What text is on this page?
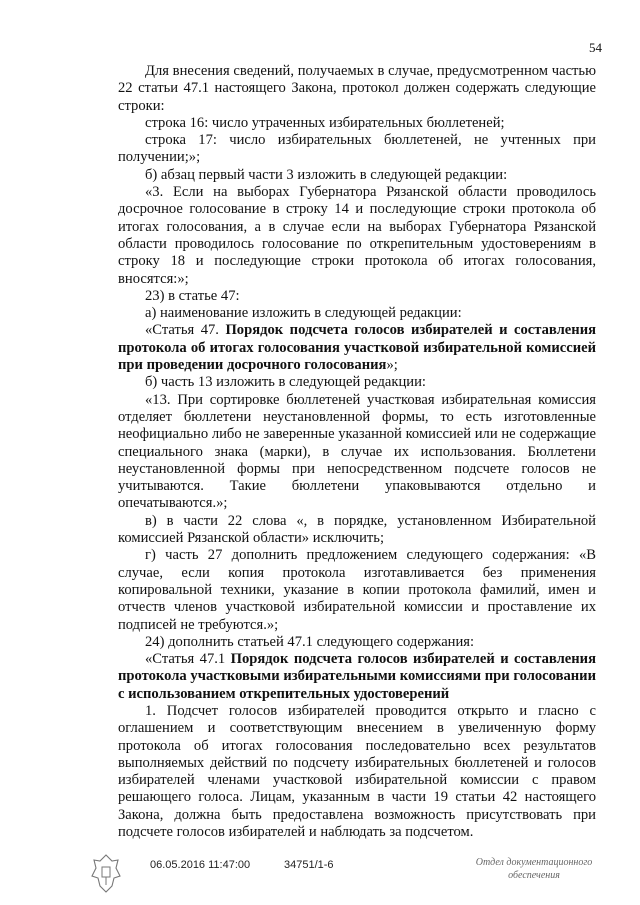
54

Для внесения сведений, получаемых в случае, предусмотренном частью 22 статьи 47.1 настоящего Закона, протокол должен содержать следующие строки:

строка 16: число утраченных избирательных бюллетеней;

строка 17: число избирательных бюллетеней, не учтенных при получении;»;

б) абзац первый части 3 изложить в следующей редакции:

«3. Если на выборах Губернатора Рязанской области проводилось досрочное голосование в строку 14 и последующие строки протокола об итогах голосования, а в случае если на выборах Губернатора Рязанской области проводилось голосование по открепительным удостоверениям в строку 18 и последующие строки протокола об итогах голосования, вносятся:»;

23) в статье 47:

а) наименование изложить в следующей редакции:

«Статья 47. Порядок подсчета голосов избирателей и составления протокола об итогах голосования участковой избирательной комиссией при проведении досрочного голосования»;

б) часть 13 изложить в следующей редакции:

«13. При сортировке бюллетеней участковая избирательная комиссия отделяет бюллетени неустановленной формы, то есть изготовленные неофициально либо не заверенные указанной комиссией или не содержащие специального знака (марки), в случае их использования. Бюллетени неустановленной формы при непосредственном подсчете голосов не учитываются. Такие бюллетени упаковываются отдельно и опечатываются.»;

в) в части 22 слова «, в порядке, установленном Избирательной комиссией Рязанской области» исключить;

г) часть 27 дополнить предложением следующего содержания: «В случае, если копия протокола изготавливается без применения копировальной техники, указание в копии протокола фамилий, имен и отчеств членов участковой избирательной комиссии и проставление их подписей не требуются.»;

24) дополнить статьей 47.1 следующего содержания:

«Статья 47.1 Порядок подсчета голосов избирателей и составления протокола участковыми избирательными комиссиями при голосовании с использованием открепительных удостоверений

1. Подсчет голосов избирателей проводится открыто и гласно с оглашением и соответствующим внесением в увеличенную форму протокола об итогах голосования последовательно всех результатов выполняемых действий по подсчету избирательных бюллетеней и голосов избирателей членами участковой избирательной комиссии с правом решающего голоса. Лицам, указанным в части 19 статьи 42 настоящего Закона, должна быть предоставлена возможность присутствовать при подсчете голосов избирателей и наблюдать за подсчетом.

06.05.2016 11:47:00	34751/1-6	Отдел документационного
обеспечения
